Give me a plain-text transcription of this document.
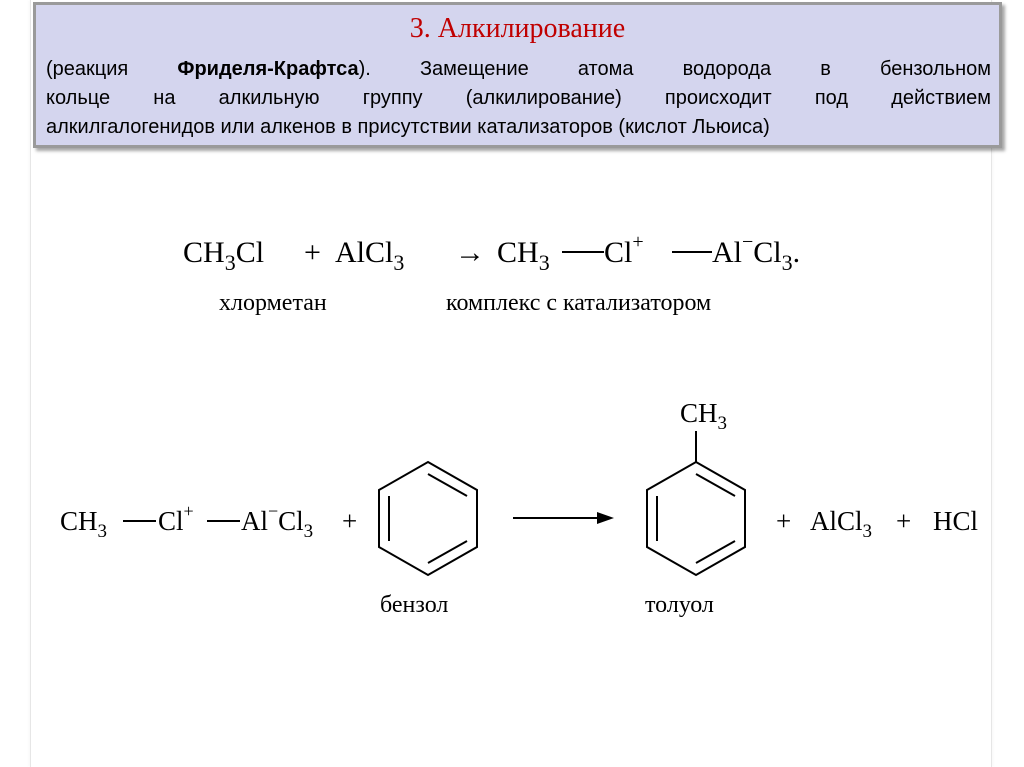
3. Алкилирование
(реакция Фриделя-Крафтса). Замещение атома водорода в бензольном
кольце на алкильную группу (алкилирование) происходит под действием
алкилгалогенидов или алкенов в присутствии катализаторов (кислот Льюиса)
$CH_3Cl$ + AlCl$_3$ → $CH_3$ Cl+ $Al^-Cl_3$.
хлорметан	комплекс с катализатором
$CH_3$ Cl+ $Al^-Cl_3$ +
бензол
$CH_3$
толуол
+ AlCl$_3$ + HCl
